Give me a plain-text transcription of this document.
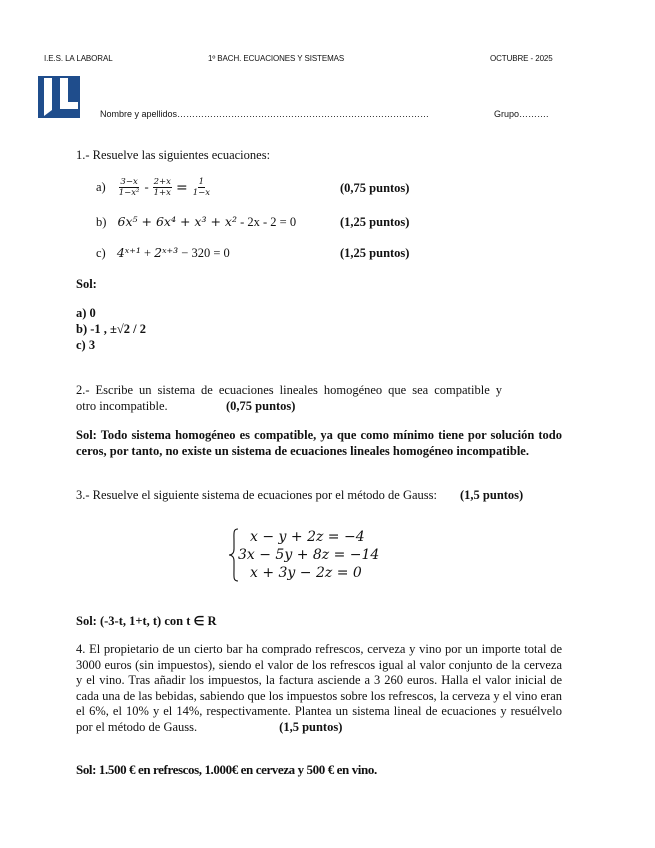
I.E.S. LA LABORAL	1º BACH. ECUACIONES Y SISTEMAS	OCTUBRE - 2025
Nombre y apellidos…………………………………………………………………………	Grupo……….
1.- Resuelve las siguientes ecuaciones:
$a) \frac{3-x}{\text{1−x²}} - \frac{2+x}{1+x} = \frac{1}{1-x}$	(0,75 puntos)
b) 6x⁵ + 6x⁴ + x³ + x² - 2x - 2 = 0	(1,25 puntos)
c) 4ˣ⁺¹ + 2ˣ⁺³ − 320 = 0	(1,25 puntos)
Sol:
a) 0
b) -1 , ±√2 / 2
c) 3
2.- Escribe un sistema de ecuaciones lineales homogéneo que sea compatible y
otro incompatible.	(0,75 puntos)
Sol: Todo sistema homogéneo es compatible, ya que como mínimo tiene por solución todo ceros, por tanto, no existe un sistema de ecuaciones lineales homogéneo incompatible.
3.- Resuelve el siguiente sistema de ecuaciones por el método de Gauss: (1,5 puntos)
x − y + 2z = −4
3x − 5y + 8z = −14
x + 3y − 2z = 0
Sol: (-3-t, 1+t, t) con t ∈ R
4. El propietario de un cierto bar ha comprado refrescos, cerveza y vino por un importe total de 3000 euros (sin impuestos), siendo el valor de los refrescos igual al valor conjunto de la cerveza y el vino. Tras añadir los impuestos, la factura asciende a 3 260 euros. Halla el valor inicial de cada una de las bebidas, sabiendo que los impuestos sobre los refrescos, la cerveza y el vino eran el 6%, el 10% y el 14%, respectivamente. Plantea un sistema lineal de ecuaciones y resuélvelo por el método de Gauss.	(1,5 puntos)
Sol: 1.500 € en refrescos, 1.000€ en cerveza y 500 € en vino.
